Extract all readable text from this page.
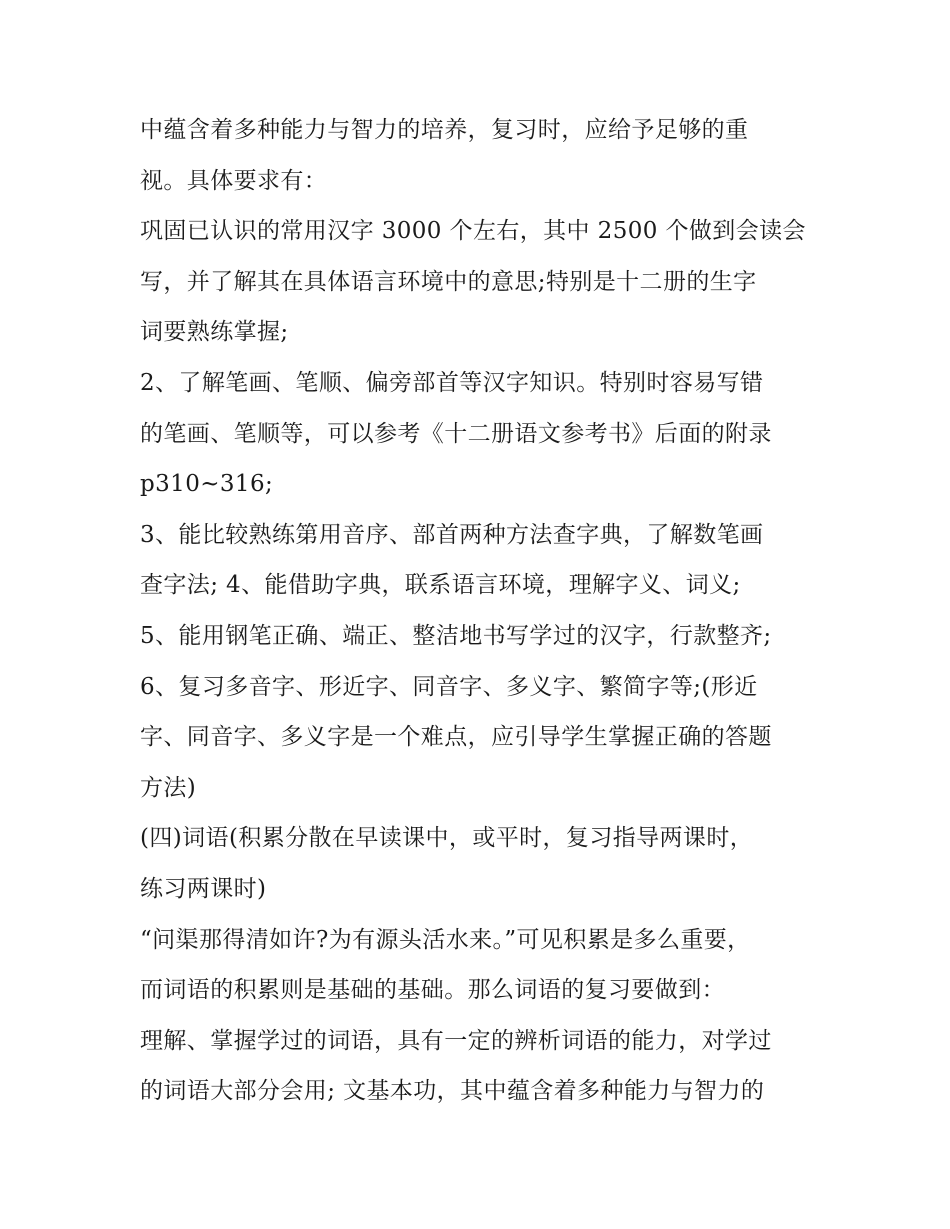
中蕴含着多种能力与智力的培养，复习时，应给予足够的重
视。具体要求有：
巩固已认识的常用汉字 3000 个左右，其中 2500 个做到会读会
写，并了解其在具体语言环境中的意思;特别是十二册的生字
词要熟练掌握;
2、了解笔画、笔顺、偏旁部首等汉字知识。特别时容易写错
的笔画、笔顺等，可以参考《十二册语文参考书》后面的附录
p310~316;
3、能比较熟练第用音序、部首两种方法查字典，了解数笔画
查字法; 4、能借助字典，联系语言环境，理解字义、词义;
5、能用钢笔正确、端正、整洁地书写学过的汉字，行款整齐;
6、复习多音字、形近字、同音字、多义字、繁简字等;(形近
字、同音字、多义字是一个难点，应引导学生掌握正确的答题
方法)
(四)词语(积累分散在早读课中，或平时，复习指导两课时，
练习两课时)
“问渠那得清如许?为有源头活水来。”可见积累是多么重要，
而词语的积累则是基础的基础。那么词语的复习要做到：
理解、掌握学过的词语，具有一定的辨析词语的能力，对学过
的词语大部分会用; 文基本功，其中蕴含着多种能力与智力的
